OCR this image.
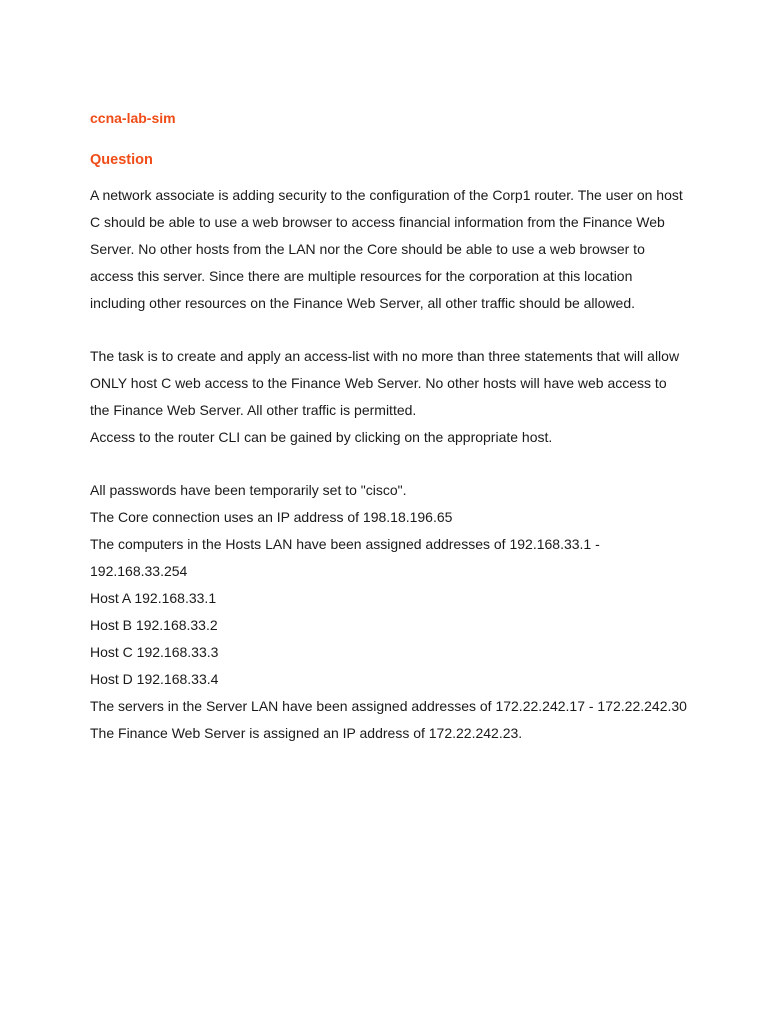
ccna-lab-sim
Question

A network associate is adding security to the configuration of the Corp1 router. The user on host C should be able to use a web browser to access financial information from the Finance Web Server. No other hosts from the LAN nor the Core should be able to use a web browser to access this server. Since there are multiple resources for the corporation at this location including other resources on the Finance Web Server, all other traffic should be allowed.

The task is to create and apply an access-list with no more than three statements that will allow ONLY host C web access to the Finance Web Server. No other hosts will have web access to the Finance Web Server. All other traffic is permitted.

Access to the router CLI can be gained by clicking on the appropriate host.

All passwords have been temporarily set to "cisco".
The Core connection uses an IP address of 198.18.196.65
The computers in the Hosts LAN have been assigned addresses of 192.168.33.1 - 192.168.33.254
Host A 192.168.33.1
Host B 192.168.33.2
Host C 192.168.33.3
Host D 192.168.33.4
The servers in the Server LAN have been assigned addresses of 172.22.242.17 - 172.22.242.30
The Finance Web Server is assigned an IP address of 172.22.242.23.
